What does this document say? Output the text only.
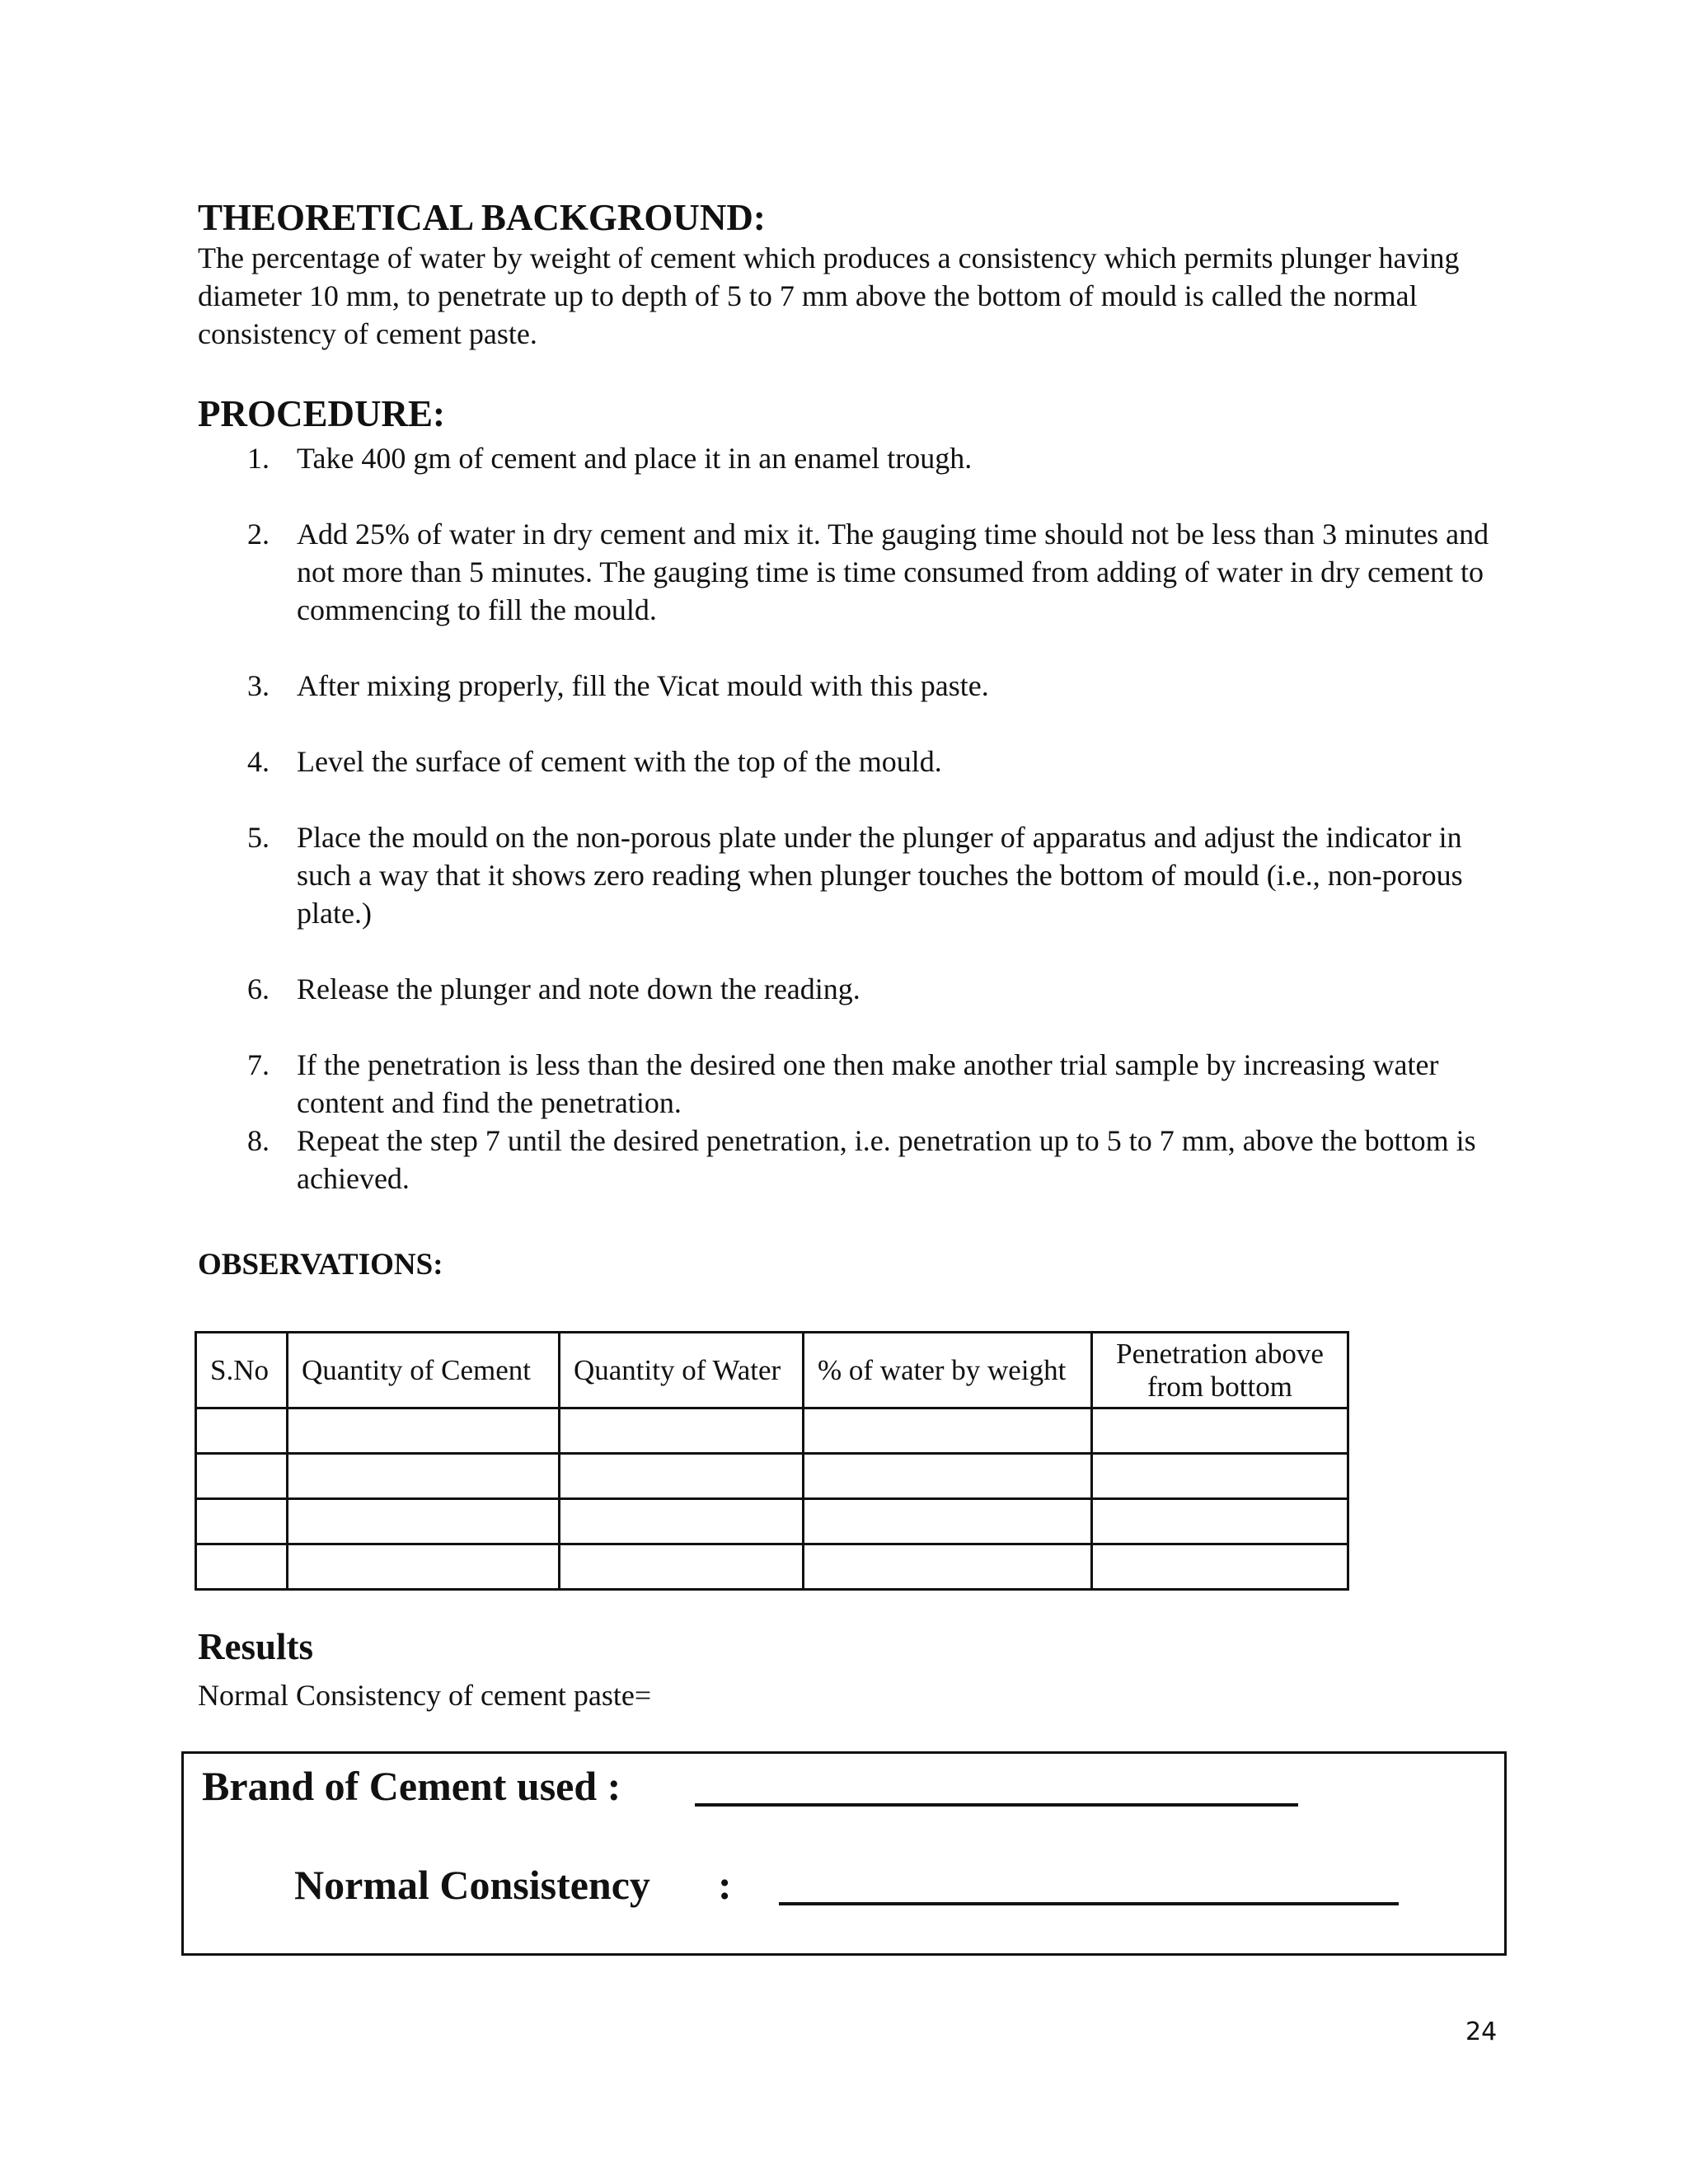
THEORETICAL BACKGROUND:

The percentage of water by weight of cement which produces a consistency which permits plunger having diameter 10 mm, to penetrate up to depth of 5 to 7 mm above the bottom of mould is called the normal consistency of cement paste.

PROCEDURE:
1. Take 400 gm of cement and place it in an enamel trough.
2. Add 25% of water in dry cement and mix it. The gauging time should not be less than 3 minutes and not more than 5 minutes. The gauging time is time consumed from adding of water in dry cement to commencing to fill the mould.
3. After mixing properly, fill the Vicat mould with this paste.
4. Level the surface of cement with the top of the mould.
5. Place the mould on the non-porous plate under the plunger of apparatus and adjust the indicator in such a way that it shows zero reading when plunger touches the bottom of mould (i.e., non-porous plate.)
6. Release the plunger and note down the reading.
7. If the penetration is less than the desired one then make another trial sample by increasing water content and find the penetration.
8. Repeat the step 7 until the desired penetration, i.e. penetration up to 5 to 7 mm, above the bottom is achieved.
OBSERVATIONS:
S.No	Quantity of Cement	Quantity of Water	% of water by weight	Penetration above from bottom

Results

Normal Consistency of cement paste=

Brand of Cement used :
Normal Consistency :
24
